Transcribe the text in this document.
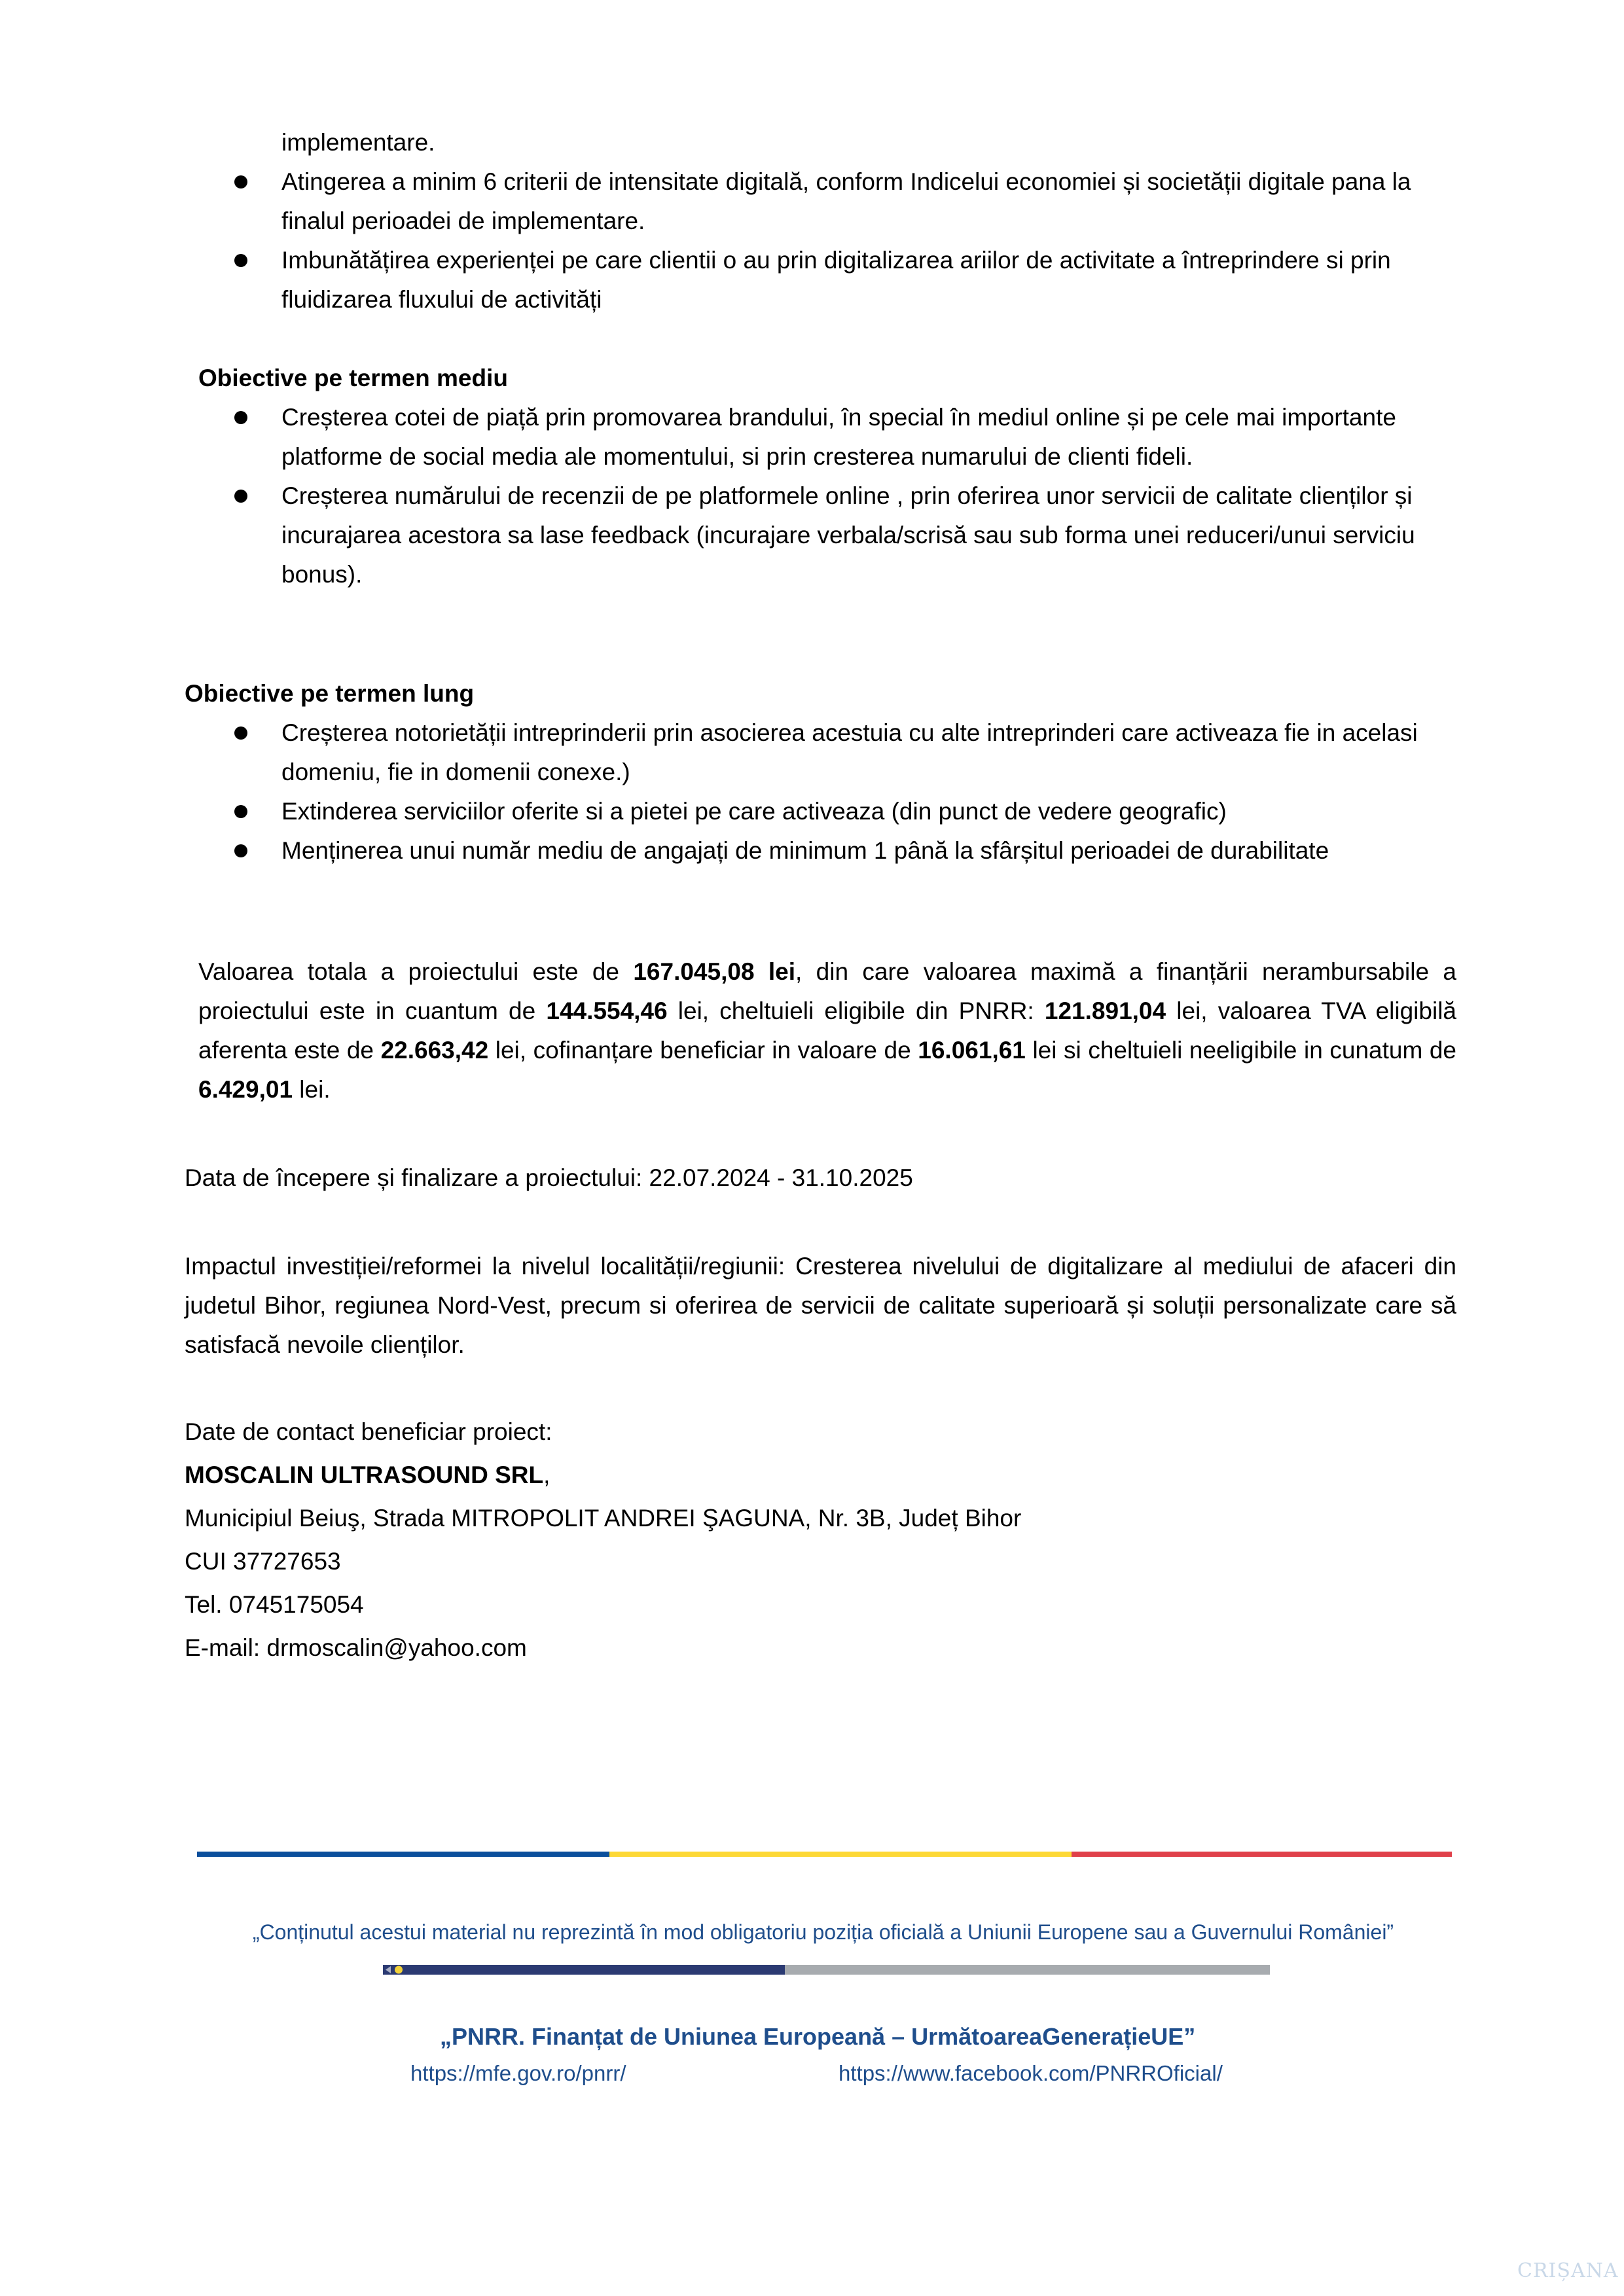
implementare.
Atingerea a minim 6 criterii de intensitate digitală, conform Indicelui economiei și societății digitale pana la finalul perioadei de implementare.
Imbunătățirea experienței pe care clientii o au prin digitalizarea ariilor de activitate a întreprindere si prin fluidizarea fluxului de activități
Obiective pe termen mediu
Creșterea cotei de piață prin promovarea brandului, în special în mediul online și pe cele mai importante platforme de social media ale momentului, si prin cresterea numarului de clienti fideli.
Creșterea numărului de recenzii de pe platformele online , prin oferirea unor servicii de calitate clienților și incurajarea acestora sa lase feedback (incurajare verbala/scrisă sau sub forma unei reduceri/unui serviciu bonus).
Obiective pe termen lung
Creșterea notorietății intreprinderii prin asocierea acestuia cu alte intreprinderi care activeaza fie in acelasi domeniu, fie in domenii conexe.)
Extinderea serviciilor oferite si a pietei pe care activeaza (din punct de vedere geografic)
Menținerea unui număr mediu de angajați de minimum 1 până la sfârșitul perioadei de durabilitate

Valoarea totala a proiectului este de 167.045,08 lei, din care valoarea maximă a finanțării nerambursabile a proiectului este in cuantum de 144.554,46 lei, cheltuieli eligibile din PNRR: 121.891,04 lei, valoarea TVA eligibilă aferenta este de 22.663,42 lei, cofinanțare beneficiar in valoare de 16.061,61 lei si cheltuieli neeligibile in cunatum de 6.429,01 lei.

Data de începere și finalizare a proiectului: 22.07.2024 - 31.10.2025

Impactul investiției/reformei la nivelul localității/regiunii: Cresterea nivelului de digitalizare al mediului de afaceri din judetul Bihor, regiunea Nord-Vest, precum si oferirea de servicii de calitate superioară și soluții personalizate care să satisfacă nevoile clienților.

Date de contact beneficiar proiect:
MOSCALIN ULTRASOUND SRL,
Municipiul Beiuş, Strada MITROPOLIT ANDREI ŞAGUNA, Nr. 3B, Județ Bihor
CUI 37727653
Tel. 0745175054
E-mail: drmoscalin@yahoo.com
„Conținutul acestui material nu reprezintă în mod obligatoriu poziția oficială a Uniunii Europene sau a Guvernului României”
„PNRR. Finanțat de Uniunea Europeană – UrmătoareaGenerațieUE”
https://mfe.gov.ro/pnrr/	https://www.facebook.com/PNRROficial/
CRIȘANA
